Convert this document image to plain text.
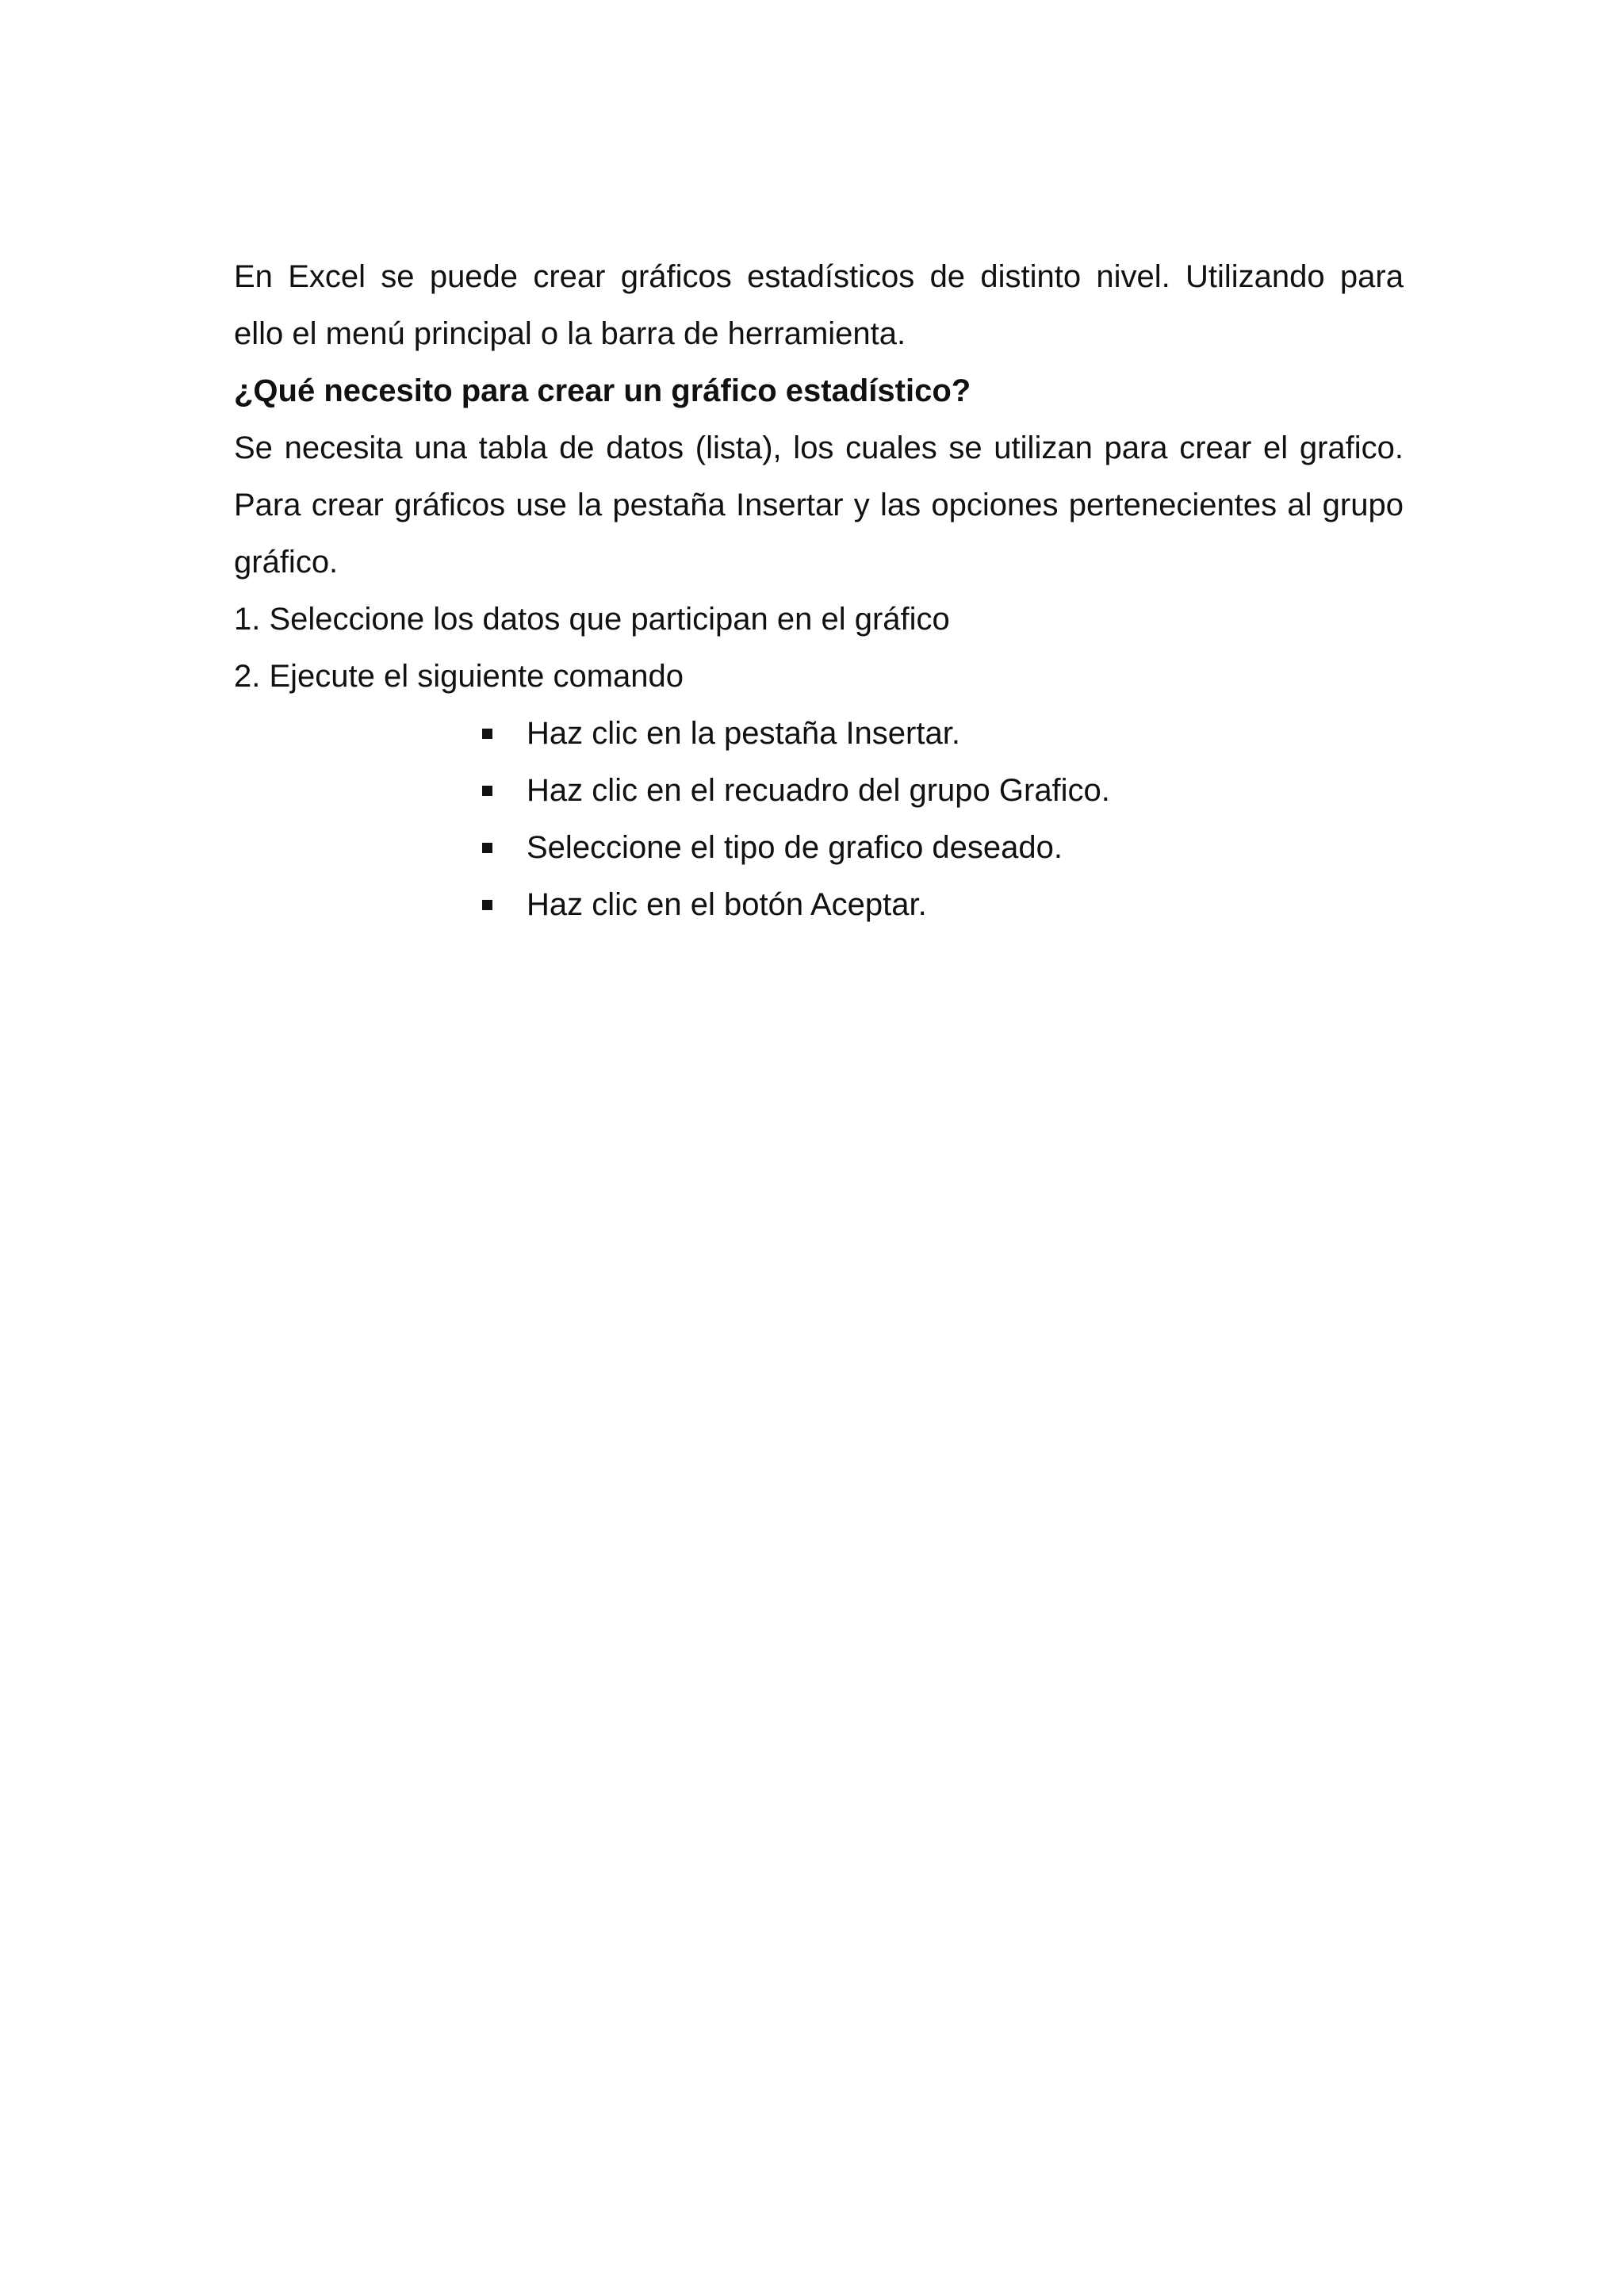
En Excel se puede crear gráficos estadísticos de distinto nivel. Utilizando para
ello el menú principal o la barra de herramienta.
¿Qué necesito para crear un gráfico estadístico?
Se necesita una tabla de datos (lista), los cuales se utilizan para crear el grafico.
Para crear gráficos use la pestaña Insertar y las opciones pertenecientes al grupo
gráfico.
1. Seleccione los datos que participan en el gráfico
2. Ejecute el siguiente comando
Haz clic en la pestaña Insertar.
Haz clic en el recuadro del grupo Grafico.
Seleccione el tipo de grafico deseado.
Haz clic en el botón Aceptar.
